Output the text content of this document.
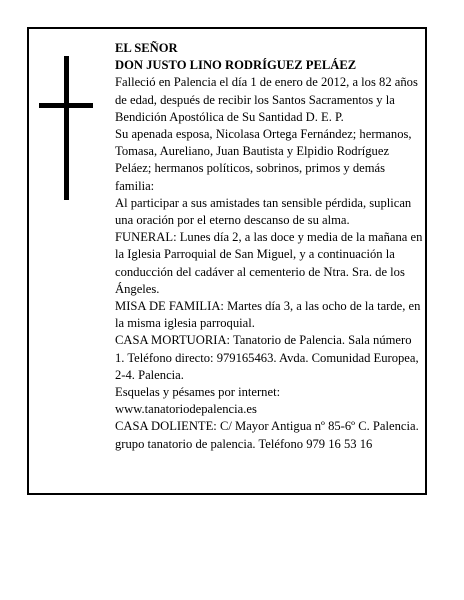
EL SEÑOR

DON JUSTO LINO RODRÍGUEZ PELÁEZ

Falleció en Palencia el día 1 de enero de 2012, a los 82 años de edad, después de recibir los Santos Sacramentos y la Bendición Apostólica de Su Santidad D. E. P.

Su apenada esposa, Nicolasa Ortega Fernández; hermanos, Tomasa, Aureliano, Juan Bautista y Elpidio Rodríguez Peláez; hermanos políticos, sobrinos, primos y demás familia:

Al participar a sus amistades tan sensible pérdida, suplican una oración por el eterno descanso de su alma.

FUNERAL: Lunes día 2, a las doce y media de la mañana en la Iglesia Parroquial de San Miguel, y a continuación la conducción del cadáver al cementerio de Ntra. Sra. de los Ángeles.

MISA DE FAMILIA: Martes día 3, a las ocho de la tarde, en la misma iglesia parroquial.

CASA MORTUORIA: Tanatorio de Palencia. Sala número 1. Teléfono directo: 979165463. Avda. Comunidad Europea, 2-4. Palencia.

Esquelas y pésames por internet: www.tanatoriodepalencia.es

CASA DOLIENTE: C/ Mayor Antigua nº 85-6º C. Palencia.

grupo tanatorio de palencia. Teléfono 979 16 53 16
